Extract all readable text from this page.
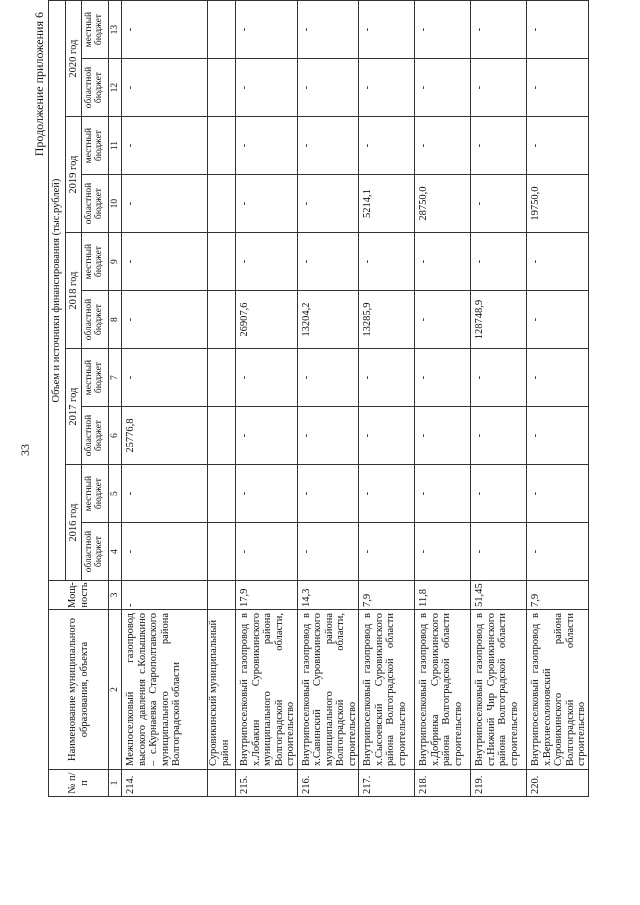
33
Продолжение приложения 6
№ п/п	Наименование муниципального образования, объекта	Мощ-ность	Объем и источники финансирования (тыс.рублей)									
			2016 год		2017 год		2018 год		2019 год		2020 год	
			областной бюджет	местный бюджет	областной бюджет	местный бюджет	областной бюджет	местный бюджет	областной бюджет	местный бюджет	областной бюджет	местный бюджет
1	2	3	4	5	6	7	8	9	10	11	12	13
214.	Межпоселковый газопровод высокого давления с.Колышкино – с.Курнаевка Старополтавского муниципального района Волгоградской области	-	-	-	25776,8	-	-	-	-	-	-	-
	Суровикинский муниципальный район											
215.	Внутрипоселковый газопровод в х.Лобакин Суровикинского муниципального района Волгоградской области, строительство	17,9	-	-	-	-	26907,6	-	-	-	-	-
216.	Внутрипоселковый газопровод в х.Савинский Суровикинского муниципального района Волгоградской области, строительство	14,3	-	-	-	-	13204,2	-	-	-	-	-
217.	Внутрипоселковый газопровод в х.Сысоевский Суровикинского района Волгоградской области строительство	7,9	-	-	-	-	13285,9	-	5214,1	-	-	-
218.	Внутрипоселковый газопровод в х.Добринка Суровикинского района Волгоградской области строительство	11,8	-	-	-	-	-	-	28750,0	-	-	-
219.	Внутрипоселковый газопровод в ст.Нижний Чир Суровикинского района Волгоградской области строительство	51,45	-	-	-	-	128748,9	-	-	-	-	-
220.	Внутрипоселковый газопровод в х.Верхнесолоновский Суровикинского района Волгоградской области строительство	7,9	-	-	-	-	-	-	19750,0	-	-	-
